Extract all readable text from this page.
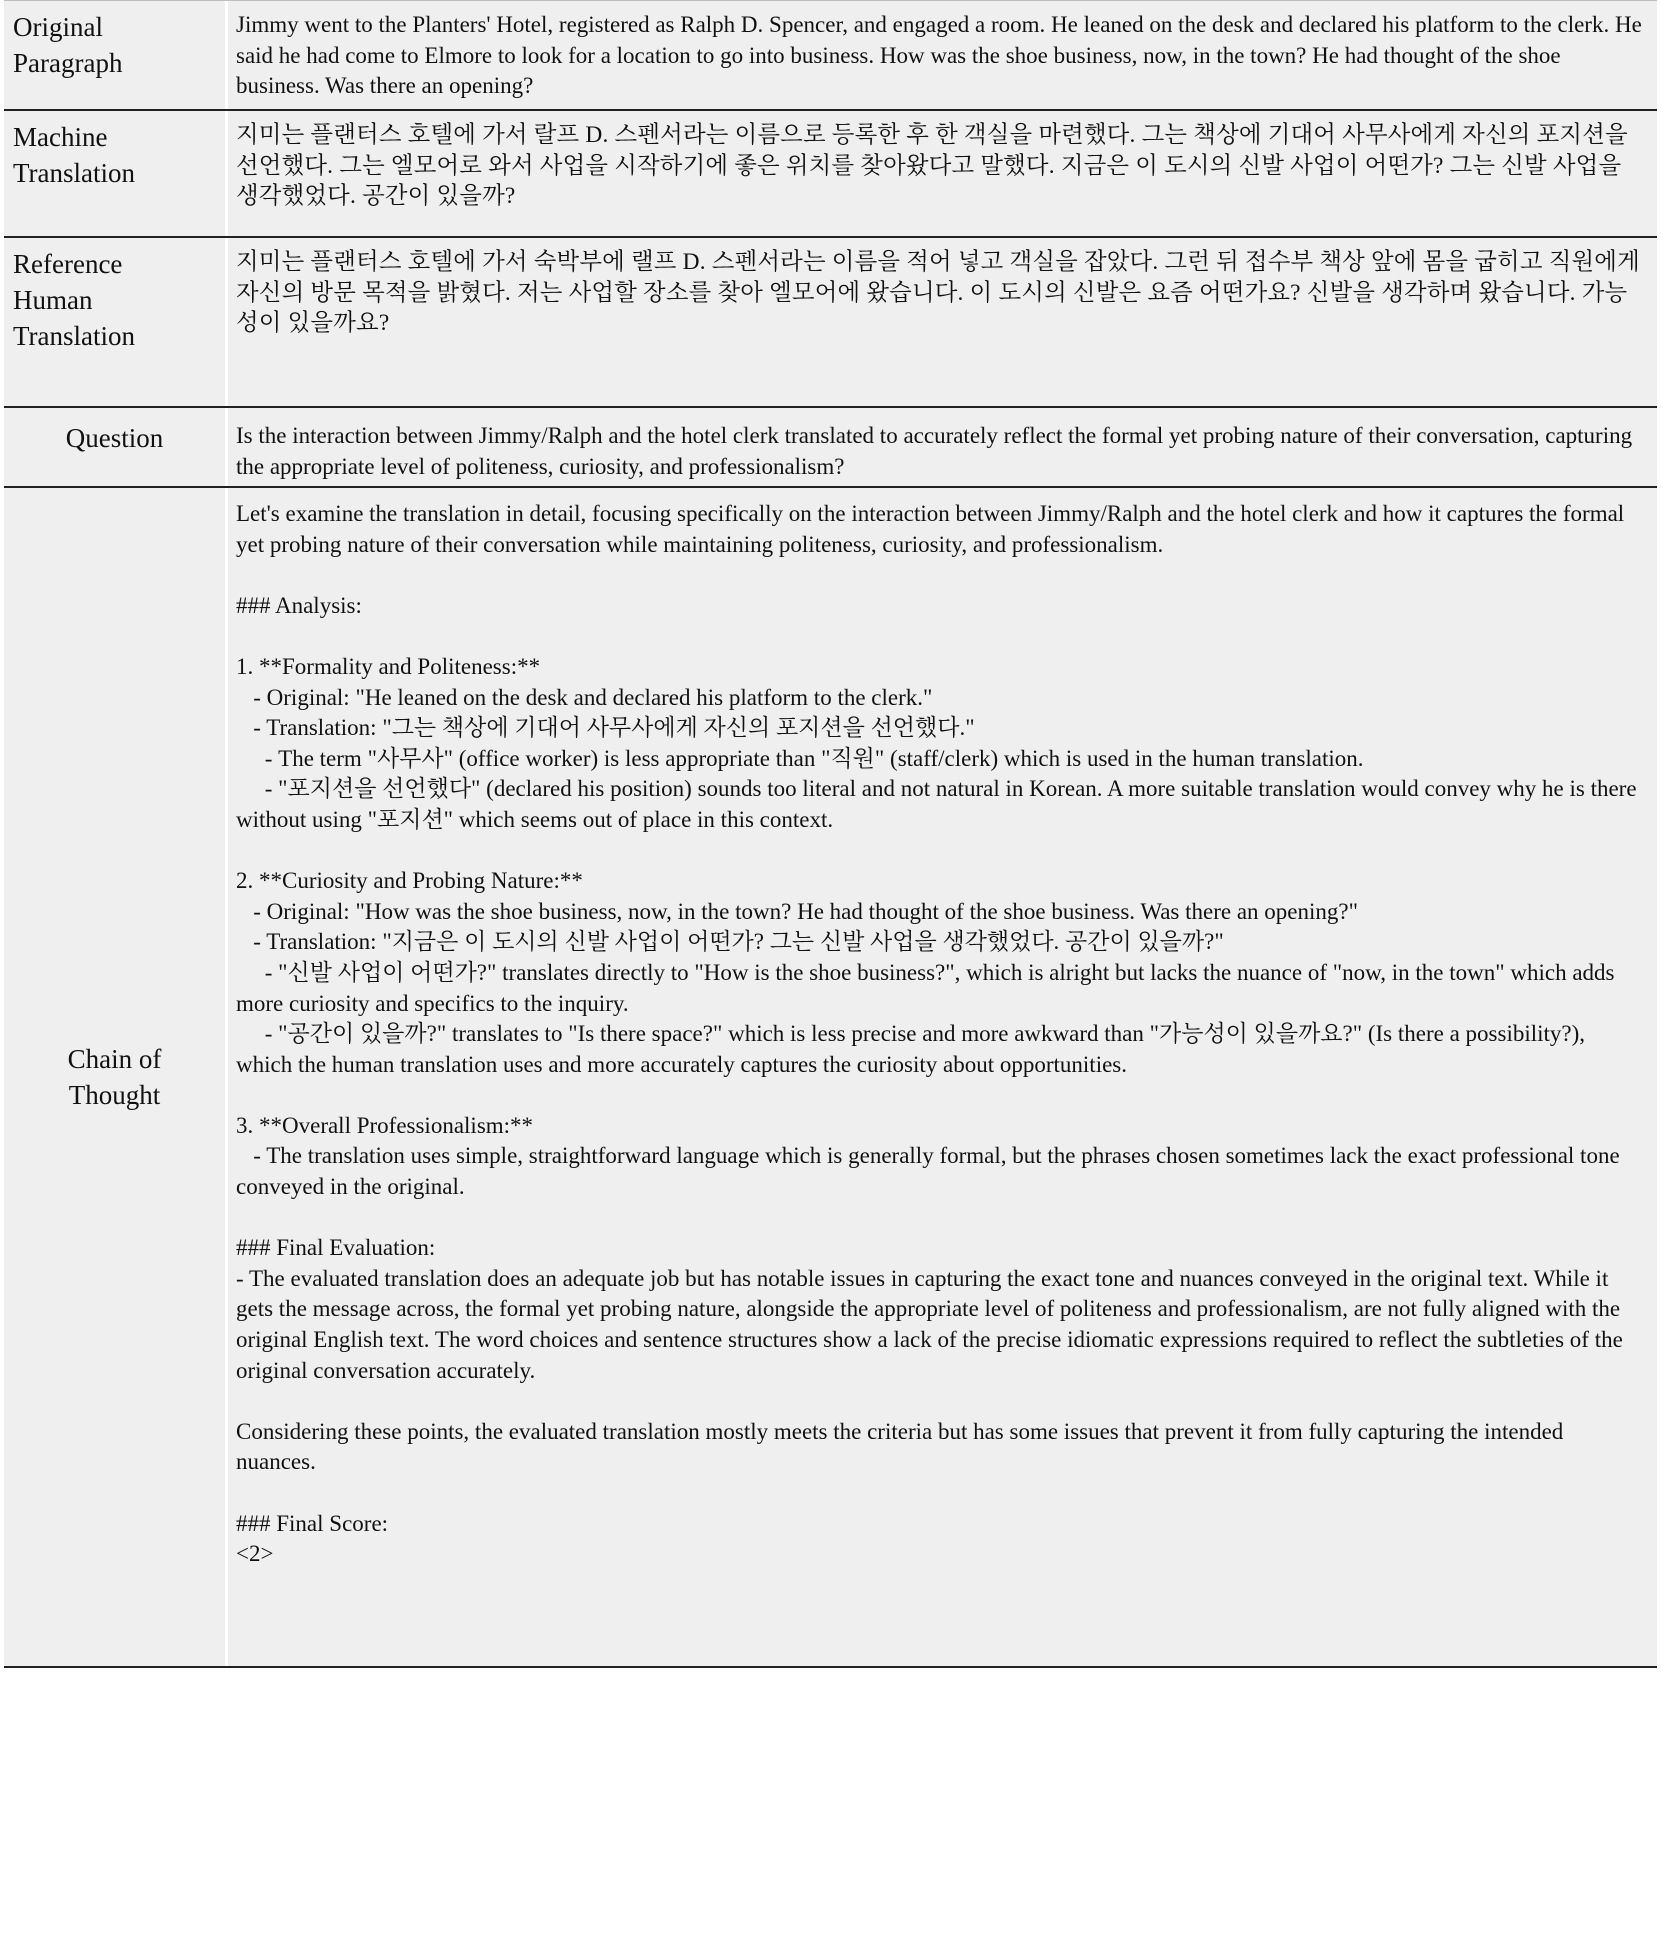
Original
Paragraph
Jimmy went to the Planters' Hotel, registered as Ralph D. Spencer, and engaged a room. He leaned on the desk and declared his platform to the clerk. He said he had come to Elmore to look for a location to go into business. How was the shoe business, now, in the town? He had thought of the shoe business. Was there an opening?
Machine
Translation
지미는 플랜터스 호텔에 가서 랄프 D. 스펜서라는 이름으로 등록한 후 한 객실을 마련했다. 그는 책상에 기대어 사무사에게 자신의 포지션을 선언했다. 그는 엘모어로 와서 사업을 시작하기에 좋은 위치를 찾아왔다고 말했다. 지금은 이 도시의 신발 사업이 어떤가? 그는 신발 사업을 생각했었다. 공간이 있을까?
Reference
Human
Translation
지미는 플랜터스 호텔에 가서 숙박부에 랠프 D. 스펜서라는 이름을 적어 넣고 객실을 잡았다. 그런 뒤 접수부 책상 앞에 몸을 굽히고 직원에게 자신의 방문 목적을 밝혔다. 저는 사업할 장소를 찾아 엘모어에 왔습니다. 이 도시의 신발은 요즘 어떤가요? 신발을 생각하며 왔습니다. 가능성이 있을까요?
Question	Is the interaction between Jimmy/Ralph and the hotel clerk translated to accurately reflect the formal yet probing nature of their conversation, capturing the appropriate level of politeness, curiosity, and professionalism?
Chain of
Thought
Let's examine the translation in detail, focusing specifically on the interaction between Jimmy/Ralph and the hotel clerk and how it captures the formal yet probing nature of their conversation while maintaining politeness, curiosity, and professionalism.

### Analysis:

1. **Formality and Politeness:**
- Original: "He leaned on the desk and declared his platform to the clerk."
- Translation: "그는 책상에 기대어 사무사에게 자신의 포지션을 선언했다."
- The term "사무사" (office worker) is less appropriate than "직원" (staff/clerk) which is used in the human translation.
- "포지션을 선언했다" (declared his position) sounds too literal and not natural in Korean. A more suitable translation would convey why he is there without using "포지션" which seems out of place in this context.

2. **Curiosity and Probing Nature:**
- Original: "How was the shoe business, now, in the town? He had thought of the shoe business. Was there an opening?"
- Translation: "지금은 이 도시의 신발 사업이 어떤가? 그는 신발 사업을 생각했었다. 공간이 있을까?"
- "신발 사업이 어떤가?" translates directly to "How is the shoe business?", which is alright but lacks the nuance of "now, in the town" which adds more curiosity and specifics to the inquiry.
- "공간이 있을까?" translates to "Is there space?" which is less precise and more awkward than "가능성이 있을까요?" (Is there a possibility?), which the human translation uses and more accurately captures the curiosity about opportunities.

3. **Overall Professionalism:**
- The translation uses simple, straightforward language which is generally formal, but the phrases chosen sometimes lack the exact professional tone conveyed in the original.

### Final Evaluation:
- The evaluated translation does an adequate job but has notable issues in capturing the exact tone and nuances conveyed in the original text. While it gets the message across, the formal yet probing nature, alongside the appropriate level of politeness and professionalism, are not fully aligned with the original English text. The word choices and sentence structures show a lack of the precise idiomatic expressions required to reflect the subtleties of the original conversation accurately.

Considering these points, the evaluated translation mostly meets the criteria but has some issues that prevent it from fully capturing the intended nuances.

### Final Score:
<2>
